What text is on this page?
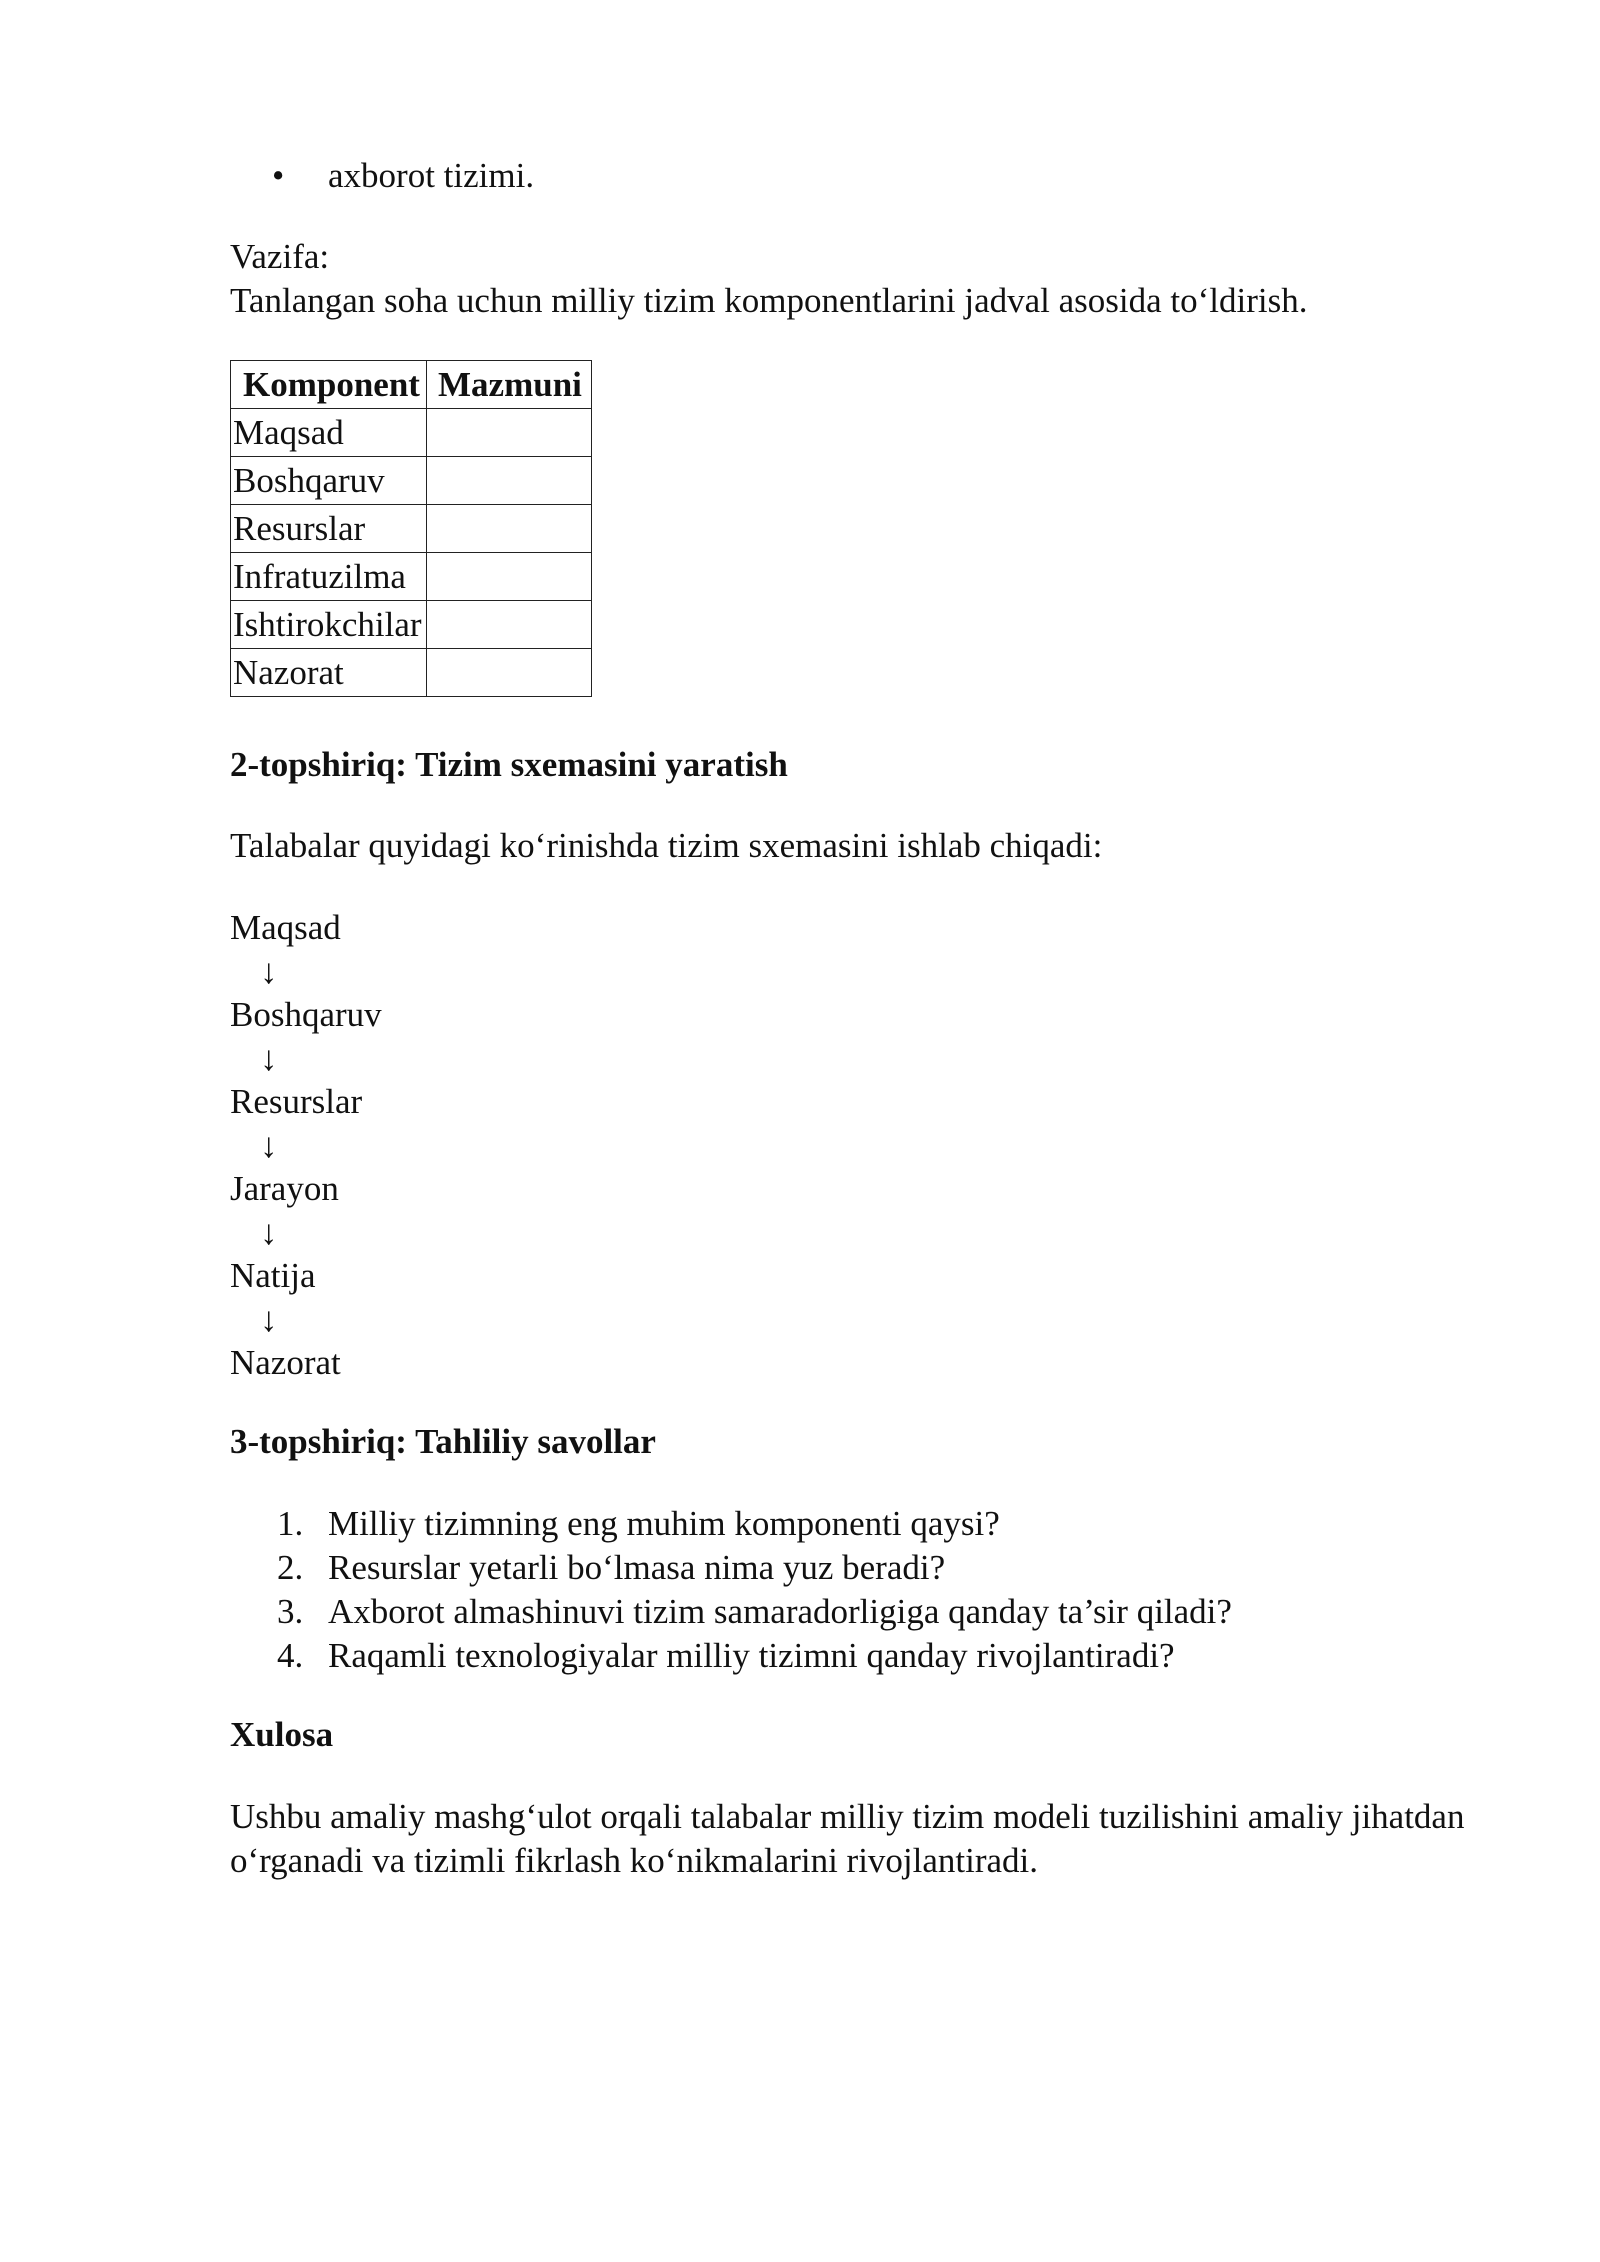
• axborot tizimi.

Vazifa:

Tanlangan soha uchun milliy tizim komponentlarini jadval asosida to‘ldirish.

Komponent	Mazmuni
Maqsad	
Boshqaruv	
Resurslar	
Infratuzilma	
Ishtirokchilar	
Nazorat	

2-topshiriq: Tizim sxemasini yaratish

Talabalar quyidagi ko‘rinishda tizim sxemasini ishlab chiqadi:

Maqsad
↓
Boshqaruv
↓
Resurslar
↓
Jarayon
↓
Natija
↓
Nazorat

3-topshiriq: Tahliliy savollar

1. Milliy tizimning eng muhim komponenti qaysi?
2. Resurslar yetarli bo‘lmasa nima yuz beradi?
3. Axborot almashinuvi tizim samaradorligiga qanday ta’sir qiladi?
4. Raqamli texnologiyalar milliy tizimni qanday rivojlantiradi?

Xulosa

Ushbu amaliy mashg‘ulot orqali talabalar milliy tizim modeli tuzilishini amaliy jihatdan o‘rganadi va tizimli fikrlash ko‘nikmalarini rivojlantiradi.
